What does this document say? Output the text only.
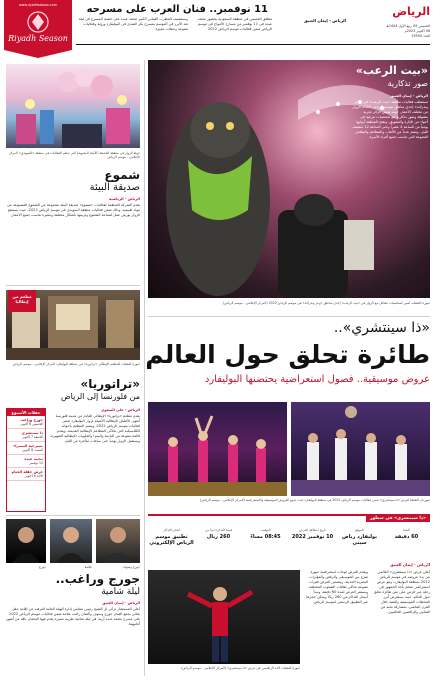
www.riyadhseason.com
Riyadh Season
11 نوفمبر.. فنان العرب على مسرحه
ويستضيف المطرب اللبناني الكبير محمد عبده على خشبة المسرح في ليلة تعد الأبرز في الموسم بمسرح بكر الشدي في البوليفارد ورؤية وفعاليات متنوعة وحفلات مميزة
تنطلق الخميس في منطقة السعودية بحضور محمد عبده في 11 نوفمبر من مسارح الأمواج في موسم الرياض ضمن فعاليات موسم الرياض 2022
الرياض - إيمان العتيق
الخميس 09 ربيع الأول 1444هـ
06 أكتوبر 2022م
العدد 19594
الرياض
جولة الزوار في منطقة الحديقة (الأبعاد المعنوية) التي تنظم الفعاليات في منطقة «السويدي» المركز الإعلامي - موسم الرياض
شموع
صديقة البيئة
الرياض - الرياضية
تقدم الشركة المنظمة لفعاليات «شموع» صديقة البيئة مجموعة من الشموع المصنوعة من مواد طبيعية، وذلك ضمن فعاليات منطقة السويدي في موسم الرياض 2022، حيث يستمتع الزوار بورش عمل لصناعة الشموع وتزيينها بأشكال مختلفة ومميزة تناسب جميع الأعمار.
مطعم من
إيطاليا
صورة التقطت للمطعم الإيطالي «تراتوريا» في منطقة البوليفارد المركز الإعلامي - موسم الرياض
«تراتوريا»
من فلورنسا إلى الرياض
حفلات الأسبوع
جورج وراغب
الخميس 6 أكتوبر
ذا سينتشري
الجمعة 7 أكتوبر
مسرحية السمراء
السبت 8 أكتوبر
محمد عبده
11 نوفمبر
عرض حفلة الختام
الأحد 9 أكتوبر
الرياض - علي السعوي
يقدم مطعم «تراتوريا» الإيطالي القادم من مدينة فلورنسا أشهى الأطباق الإيطالية الأصيلة لزوار البوليفارد ضمن فعاليات موسم الرياض 2022، ويتميز المطعم بأجوائه الكلاسيكية التي تحاكي المطاعم الإيطالية القديمة، ويقدم قائمة متنوعة من الباستا والبيتزا والحلويات الإيطالية الشهيرة، ويستقبل الزوار يومياً حتى ساعات متأخرة من الليل.
جورج	علامة	جورج وسوف
جورج وراغب..
ليلة شامية
الرياض - إيمان العتيق
أعلن المستشار تركي آل الشيخ رئيس مجلس إدارة الهيئة العامة للترفيه عن إقامة حفل غنائي يجمع الفنان جورج وسوف والفنان راغب علامة ضمن فعاليات موسم الرياض 2022 على مسرح محمد عبده أرينا، في ليلة شامية طربية مميزة يقدم فيها النجمان باقة من أشهر أغانيهما.
«بيت الرعب»
صور تذكارية
الرياض - إيمان العتيق
تستقطب فعاليات منطقة «بيت الرعب» في «ونتر وندرلاند» إحدى مناطق موسم الرياض 2022 الزوار من مختلف الأعمار، حيث يعيش الزائر تجربة مشوقة وصور تذكارية مع شخصيات مرعبة في أجواء من الإثارة والتشويق، وتفتح المنطقة أبوابها يومياً من الساعة 4 عصراً وحتى الساعة 12 منتصف الليل، وتضم عدداً من الألعاب والمطاعم والمقاهي المتنوعة التي تناسب جميع أفراد الأسرة.
صورة التقطت أمس لشخصيات تتفاعل مع الزوار في «بيت الرعب» إحدى مناطق «ونتر وندرلاند» في موسم الرياض 2022 (المركز الإعلامي - موسم الرياض)
«ذا سينتشري»..
طائرة تحلق حول العالم
عروض موسيقية.. فصول استعراضية يحتضنها البوليفارد
صورتان التقطتا لعرض «ذا سينتشري» ضمن فعاليات موسم الرياض 2022 في منطقة البوليفارد حيث تتنوع العروض الموسيقية والاستعراضية (المركز الإعلامي - موسم الرياض)
«ذا سينتشري» في سطور
المدة
60 دقيقة
الموقع
بوليفارد رياض سيتي
تاريخ انطلاقة العرض
10 نوفمبر 2022
التوقيت
08:45 مساءً
قيمة التذكرة تبدأ من
260 ريال
لحجز التذاكر
تطبيق موسم الرياض الإلكتروني
الرياض - إيمان العتيق
أعلن عرض «ذا سينتشري» العالمي عن بدء عروضه في موسم الرياض 2022 بمنطقة البوليفارد، وهو عرض استعراضي ضخم يأخذ الجمهور في رحلة عبر الزمن على متن طائرة تحلق حول العالم، حيث يستعرض أبرز المحطات الموسيقية والفنية خلال القرن الماضي، بمشاركة نخبة من الفنانين والراقصين العالميين.
ويقدم العرض لوحات استعراضية مبهرة تمزج بين الموسيقى والرقص والمؤثرات البصرية الحديثة، ويتضمن العرض فقرات متنوعة تحاكي ثقافات الشعوب المختلفة، ويستمر العرض لمدة 60 دقيقة، وتبدأ أسعار التذاكر من 260 ريالاً ويمكن حجزها عبر التطبيق الرسمي لموسم الرياض.
صورة التقطت لأحد الراقصين في عرض «ذا سينتشري» (المركز الإعلامي - موسم الرياض)
